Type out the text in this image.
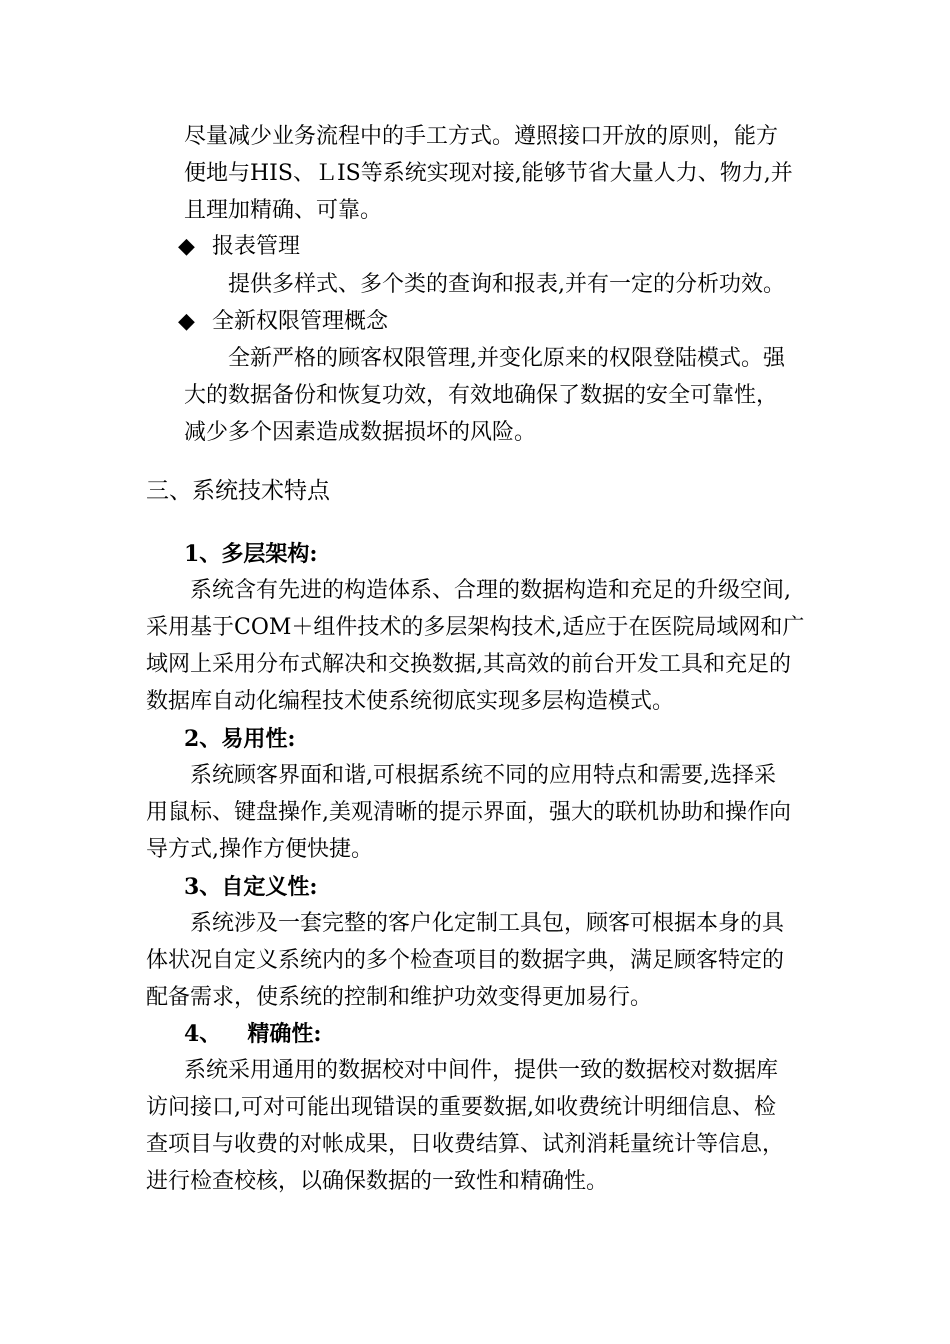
尽量减少业务流程中的手工方式。遵照接口开放的原则，能方
便地与HIS、ＬIS等系统实现对接,能够节省大量人力、物力,并
且理加精确、可靠。
◆ 报表管理
提供多样式、多个类的查询和报表,并有一定的分析功效。
◆ 全新权限管理概念
全新严格的顾客权限管理,并变化原来的权限登陆模式。强
大的数据备份和恢复功效，有效地确保了数据的安全可靠性，
减少多个因素造成数据损坏的风险。
三、系统技术特点
1、多层架构:
系统含有先进的构造体系、合理的数据构造和充足的升级空间,
采用基于COM＋组件技术的多层架构技术,适应于在医院局域网和广
域网上采用分布式解决和交换数据,其高效的前台开发工具和充足的
数据库自动化编程技术使系统彻底实现多层构造模式。
2、易用性:
系统顾客界面和谐,可根据系统不同的应用特点和需要,选择采
用鼠标、键盘操作,美观清晰的提示界面，强大的联机协助和操作向
导方式,操作方便快捷。
3、自定义性:
系统涉及一套完整的客户化定制工具包，顾客可根据本身的具
体状况自定义系统内的多个检查项目的数据字典，满足顾客特定的
配备需求，使系统的控制和维护功效变得更加易行。
4、 精确性:
系统采用通用的数据校对中间件，提供一致的数据校对数据库
访问接口,可对可能出现错误的重要数据,如收费统计明细信息、检
查项目与收费的对帐成果，日收费结算、试剂消耗量统计等信息，
进行检查校核，以确保数据的一致性和精确性。
